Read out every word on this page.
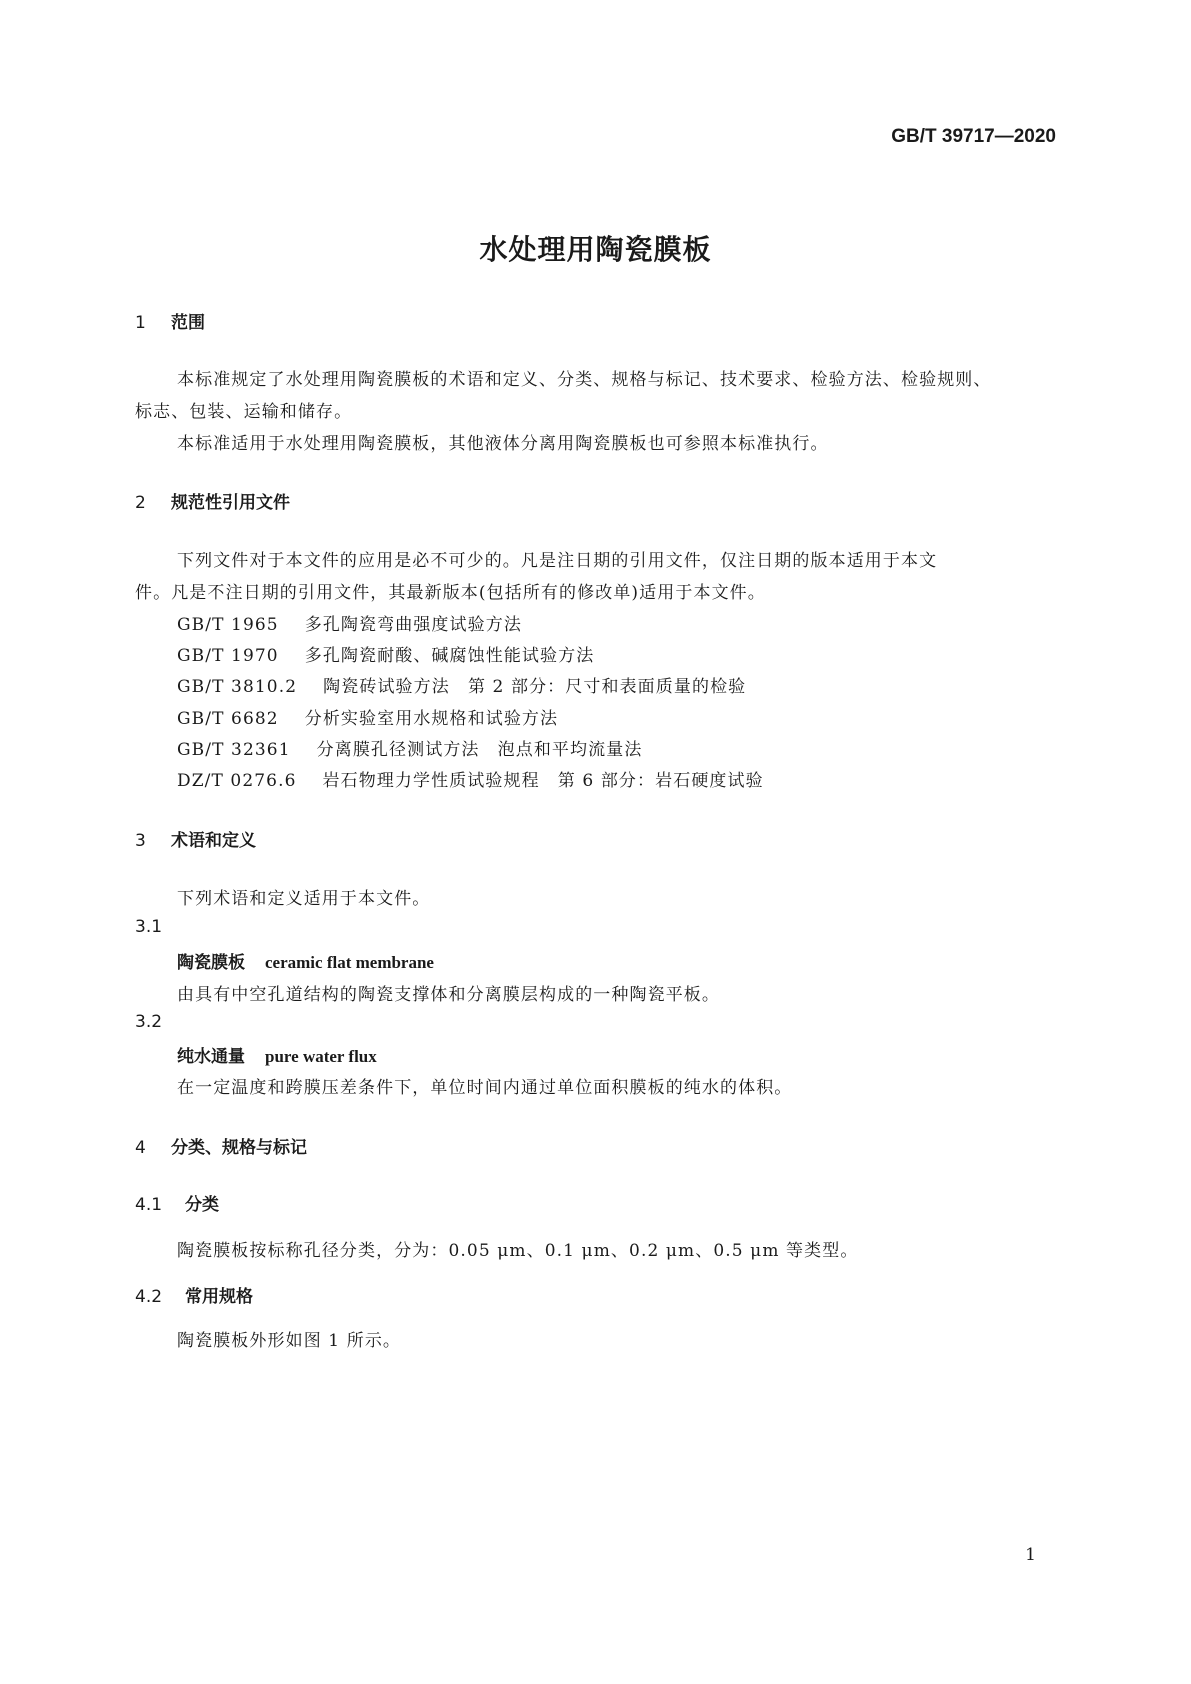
GB/T 39717—2020
水处理用陶瓷膜板
1 范围
本标准规定了水处理用陶瓷膜板的术语和定义、分类、规格与标记、技术要求、检验方法、检验规则、
标志、包装、运输和储存。
本标准适用于水处理用陶瓷膜板，其他液体分离用陶瓷膜板也可参照本标准执行。
2 规范性引用文件
下列文件对于本文件的应用是必不可少的。凡是注日期的引用文件，仅注日期的版本适用于本文
件。凡是不注日期的引用文件，其最新版本(包括所有的修改单)适用于本文件。
GB/T 1965 多孔陶瓷弯曲强度试验方法
GB/T 1970 多孔陶瓷耐酸、碱腐蚀性能试验方法
GB/T 3810.2 陶瓷砖试验方法　第 2 部分：尺寸和表面质量的检验
GB/T 6682 分析实验室用水规格和试验方法
GB/T 32361 分离膜孔径测试方法　泡点和平均流量法
DZ/T 0276.6 岩石物理力学性质试验规程　第 6 部分：岩石硬度试验
3 术语和定义
下列术语和定义适用于本文件。
3.1
陶瓷膜板 ceramic flat membrane
由具有中空孔道结构的陶瓷支撑体和分离膜层构成的一种陶瓷平板。
3.2
纯水通量 pure water flux
在一定温度和跨膜压差条件下，单位时间内通过单位面积膜板的纯水的体积。
4 分类、规格与标记
4.1 分类
陶瓷膜板按标称孔径分类，分为：0.05 μm、0.1 μm、0.2 μm、0.5 μm 等类型。
4.2 常用规格
陶瓷膜板外形如图 1 所示。
1
